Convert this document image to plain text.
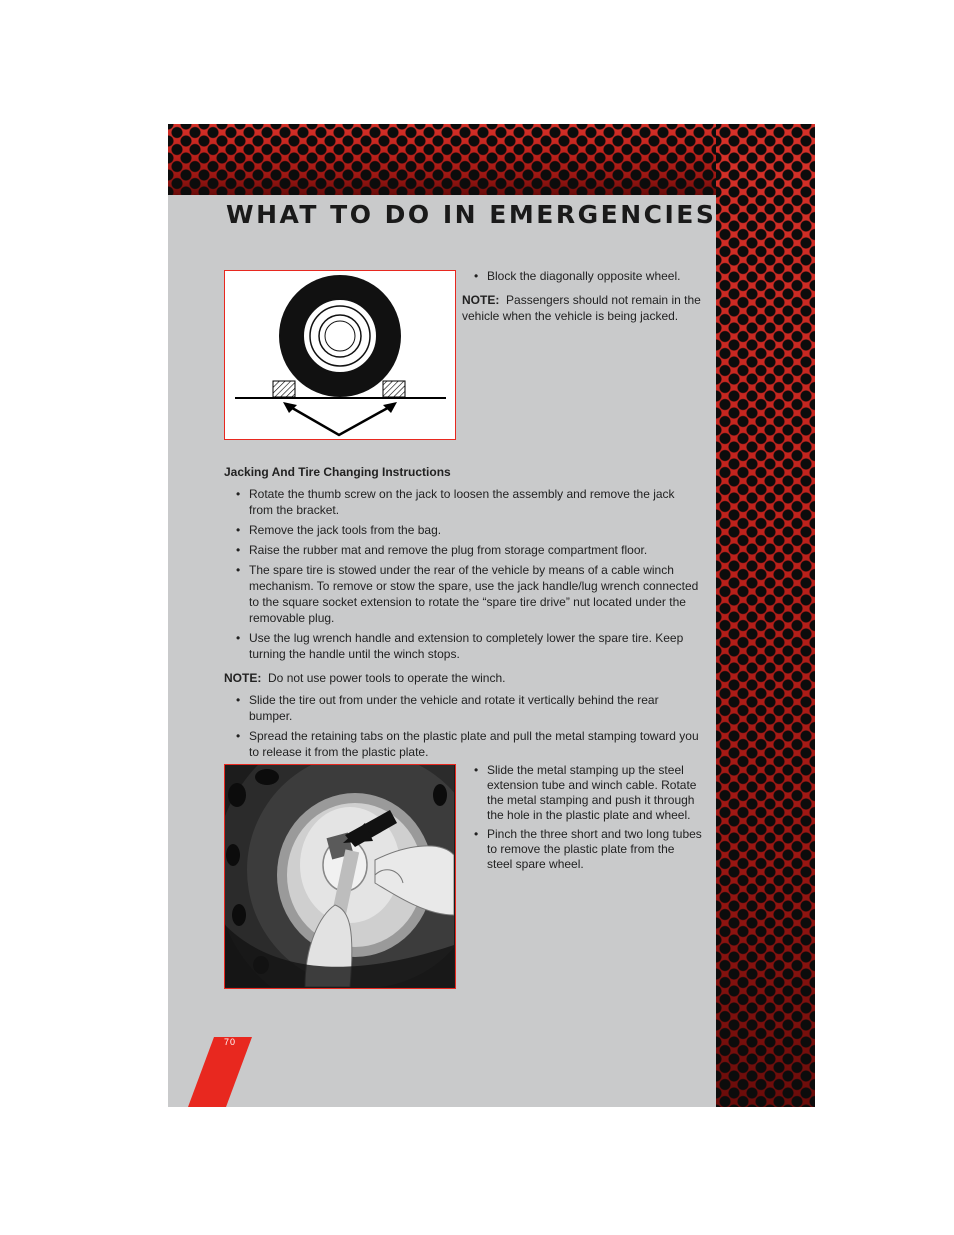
WHAT TO DO IN EMERGENCIES
• Block the diagonally opposite wheel.
NOTE: Passengers should not remain in the vehicle when the vehicle is being jacked.
Jacking And Tire Changing Instructions
• Rotate the thumb screw on the jack to loosen the assembly and remove the jack from the bracket.
• Remove the jack tools from the bag.
• Raise the rubber mat and remove the plug from storage compartment floor.
• The spare tire is stowed under the rear of the vehicle by means of a cable winch mechanism. To remove or stow the spare, use the jack handle/lug wrench connected to the square socket extension to rotate the “spare tire drive” nut located under the removable plug.
• Use the lug wrench handle and extension to completely lower the spare tire. Keep turning the handle until the winch stops.
NOTE: Do not use power tools to operate the winch.
• Slide the tire out from under the vehicle and rotate it vertically behind the rear bumper.
• Spread the retaining tabs on the plastic plate and pull the metal stamping toward you to release it from the plastic plate.
• Slide the metal stamping up the steel extension tube and winch cable. Rotate the metal stamping and push it through the hole in the plastic plate and wheel.
• Pinch the three short and two long tubes to remove the plastic plate from the steel spare wheel.
70
